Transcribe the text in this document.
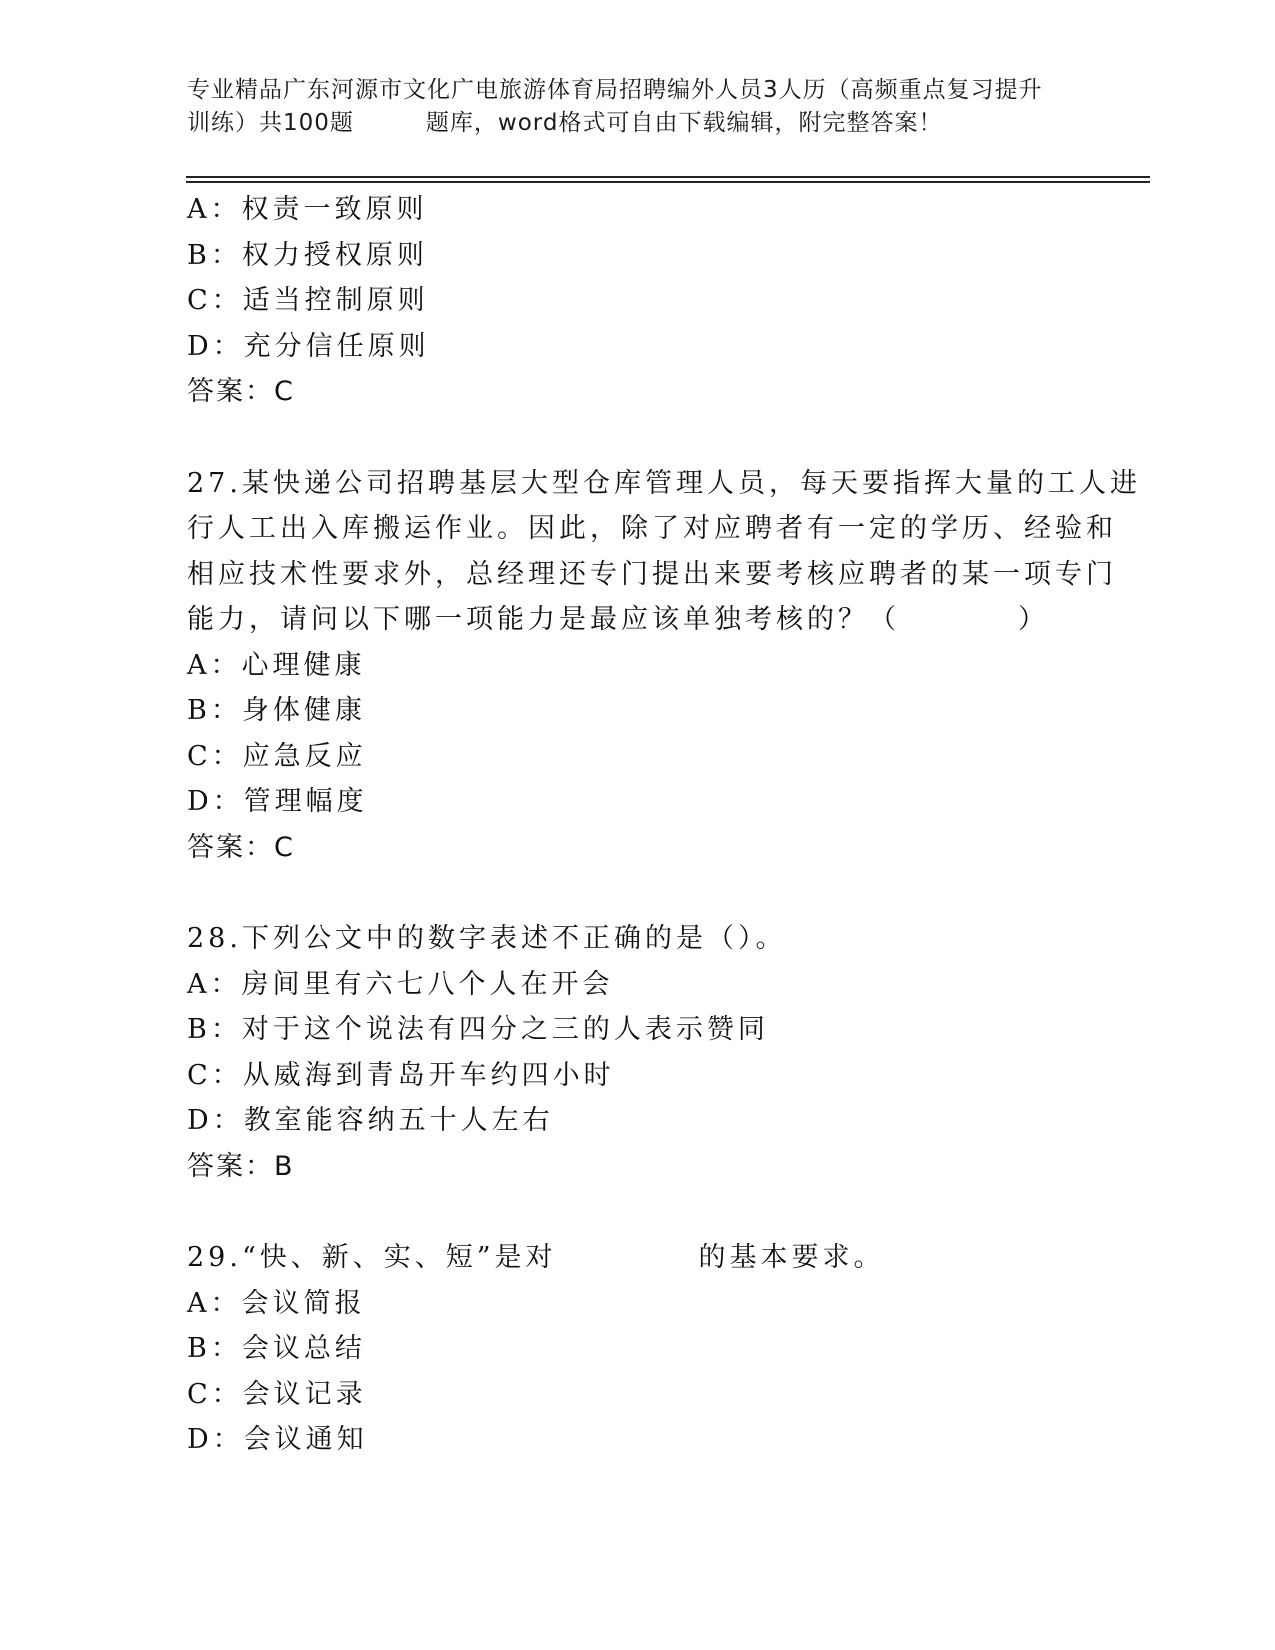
专业精品广东河源市文化广电旅游体育局招聘编外人员3人历（高频重点复习提升
训练）共100题	题库，word格式可自由下载编辑，附完整答案！
A：权责一致原则
B：权力授权原则
C：适当控制原则
D：充分信任原则
答案：C
27.某快递公司招聘基层大型仓库管理人员，每天要指挥大量的工人进
行人工出入库搬运作业。因此，除了对应聘者有一定的学历、经验和
相应技术性要求外，总经理还专门提出来要考核应聘者的某一项专门
能力，请问以下哪一项能力是最应该单独考核的？（	）
A：心理健康
B：身体健康
C：应急反应
D：管理幅度
答案：C
28.下列公文中的数字表述不正确的是（）。
A：房间里有六七八个人在开会
B：对于这个说法有四分之三的人表示赞同
C：从威海到青岛开车约四小时
D：教室能容纳五十人左右
答案：B
29.“快、新、实、短”是对	的基本要求。
A：会议简报
B：会议总结
C：会议记录
D：会议通知
